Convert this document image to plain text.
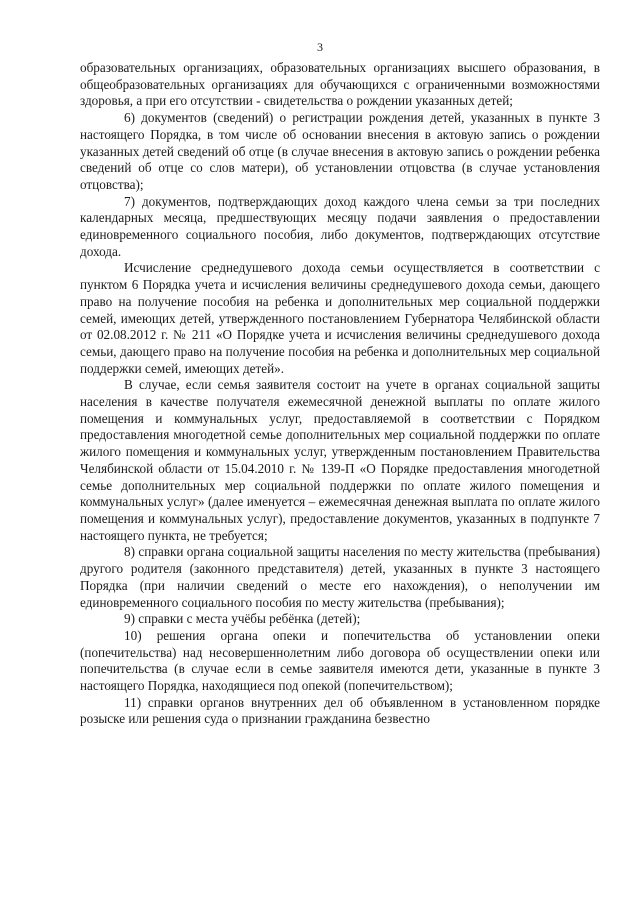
3

образовательных организациях, образовательных организациях высшего образования, в общеобразовательных организациях для обучающихся с ограниченными возможностями здоровья, а при его отсутствии - свидетельства о рождении указанных детей;

6) документов (сведений) о регистрации рождения детей, указанных в пункте 3 настоящего Порядка, в том числе об основании внесения в актовую запись о рождении указанных детей сведений об отце (в случае внесения в актовую запись о рождении ребенка сведений об отце со слов матери), об установлении отцовства (в случае установления отцовства);

7) документов, подтверждающих доход каждого члена семьи за три последних календарных месяца, предшествующих месяцу подачи заявления о предоставлении единовременного социального пособия, либо документов, подтверждающих отсутствие дохода.

Исчисление среднедушевого дохода семьи осуществляется в соответствии с пунктом 6 Порядка учета и исчисления величины среднедушевого дохода семьи, дающего право на получение пособия на ребенка и дополнительных мер социальной поддержки семей, имеющих детей, утвержденного постановлением Губернатора Челябинской области от 02.08.2012 г. № 211 «О Порядке учета и исчисления величины среднедушевого дохода семьи, дающего право на получение пособия на ребенка и дополнительных мер социальной поддержки семей, имеющих детей».

В случае, если семья заявителя состоит на учете в органах социальной защиты населения в качестве получателя ежемесячной денежной выплаты по оплате жилого помещения и коммунальных услуг, предоставляемой в соответствии с Порядком предоставления многодетной семье дополнительных мер социальной поддержки по оплате жилого помещения и коммунальных услуг, утвержденным постановлением Правительства Челябинской области от 15.04.2010 г. № 139-П «О Порядке предоставления многодетной семье дополнительных мер социальной поддержки по оплате жилого помещения и коммунальных услуг» (далее именуется – ежемесячная денежная выплата по оплате жилого помещения и коммунальных услуг), предоставление документов, указанных в подпункте 7 настоящего пункта, не требуется;

8) справки органа социальной защиты населения по месту жительства (пребывания) другого родителя (законного представителя) детей, указанных в пункте 3 настоящего Порядка (при наличии сведений о месте его нахождения), о неполучении им единовременного социального пособия по месту жительства (пребывания);

9) справки с места учёбы ребёнка (детей);

10) решения органа опеки и попечительства об установлении опеки (попечительства) над несовершеннолетним либо договора об осуществлении опеки или попечительства (в случае если в семье заявителя имеются дети, указанные в пункте 3 настоящего Порядка, находящиеся под опекой (попечительством);

11) справки органов внутренних дел об объявленном в установленном порядке розыске или решения суда о признании гражданина безвестно
